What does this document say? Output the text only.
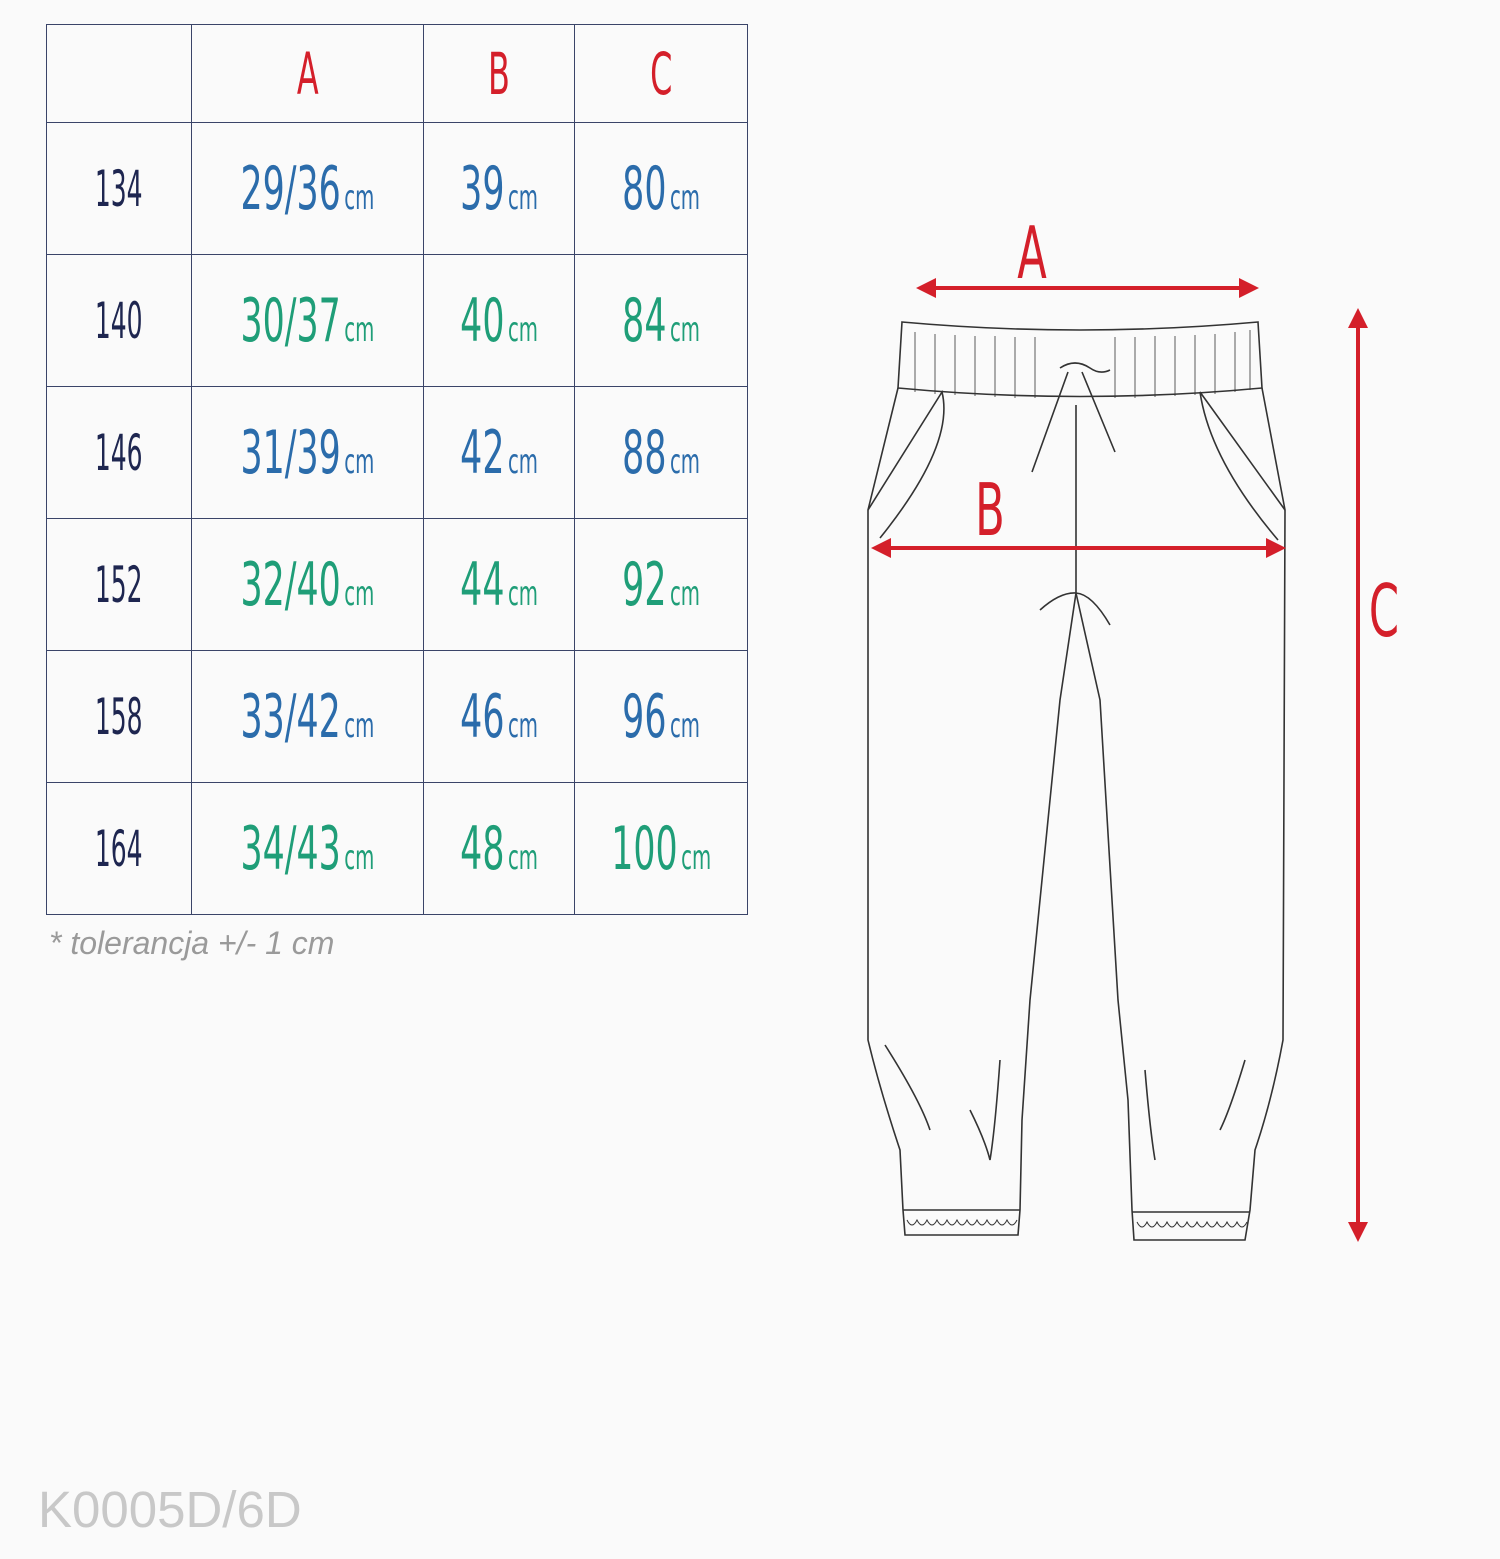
	A	B	C
134	29/36 cm	39 cm	80 cm
140	30/37 cm	40 cm	84 cm
146	31/39 cm	42 cm	88 cm
152	32/40 cm	44 cm	92 cm
158	33/42 cm	46 cm	96 cm
164	34/43 cm	48 cm	100 cm
* tolerancja +/- 1 cm
K0005D/6D
A
B
C
